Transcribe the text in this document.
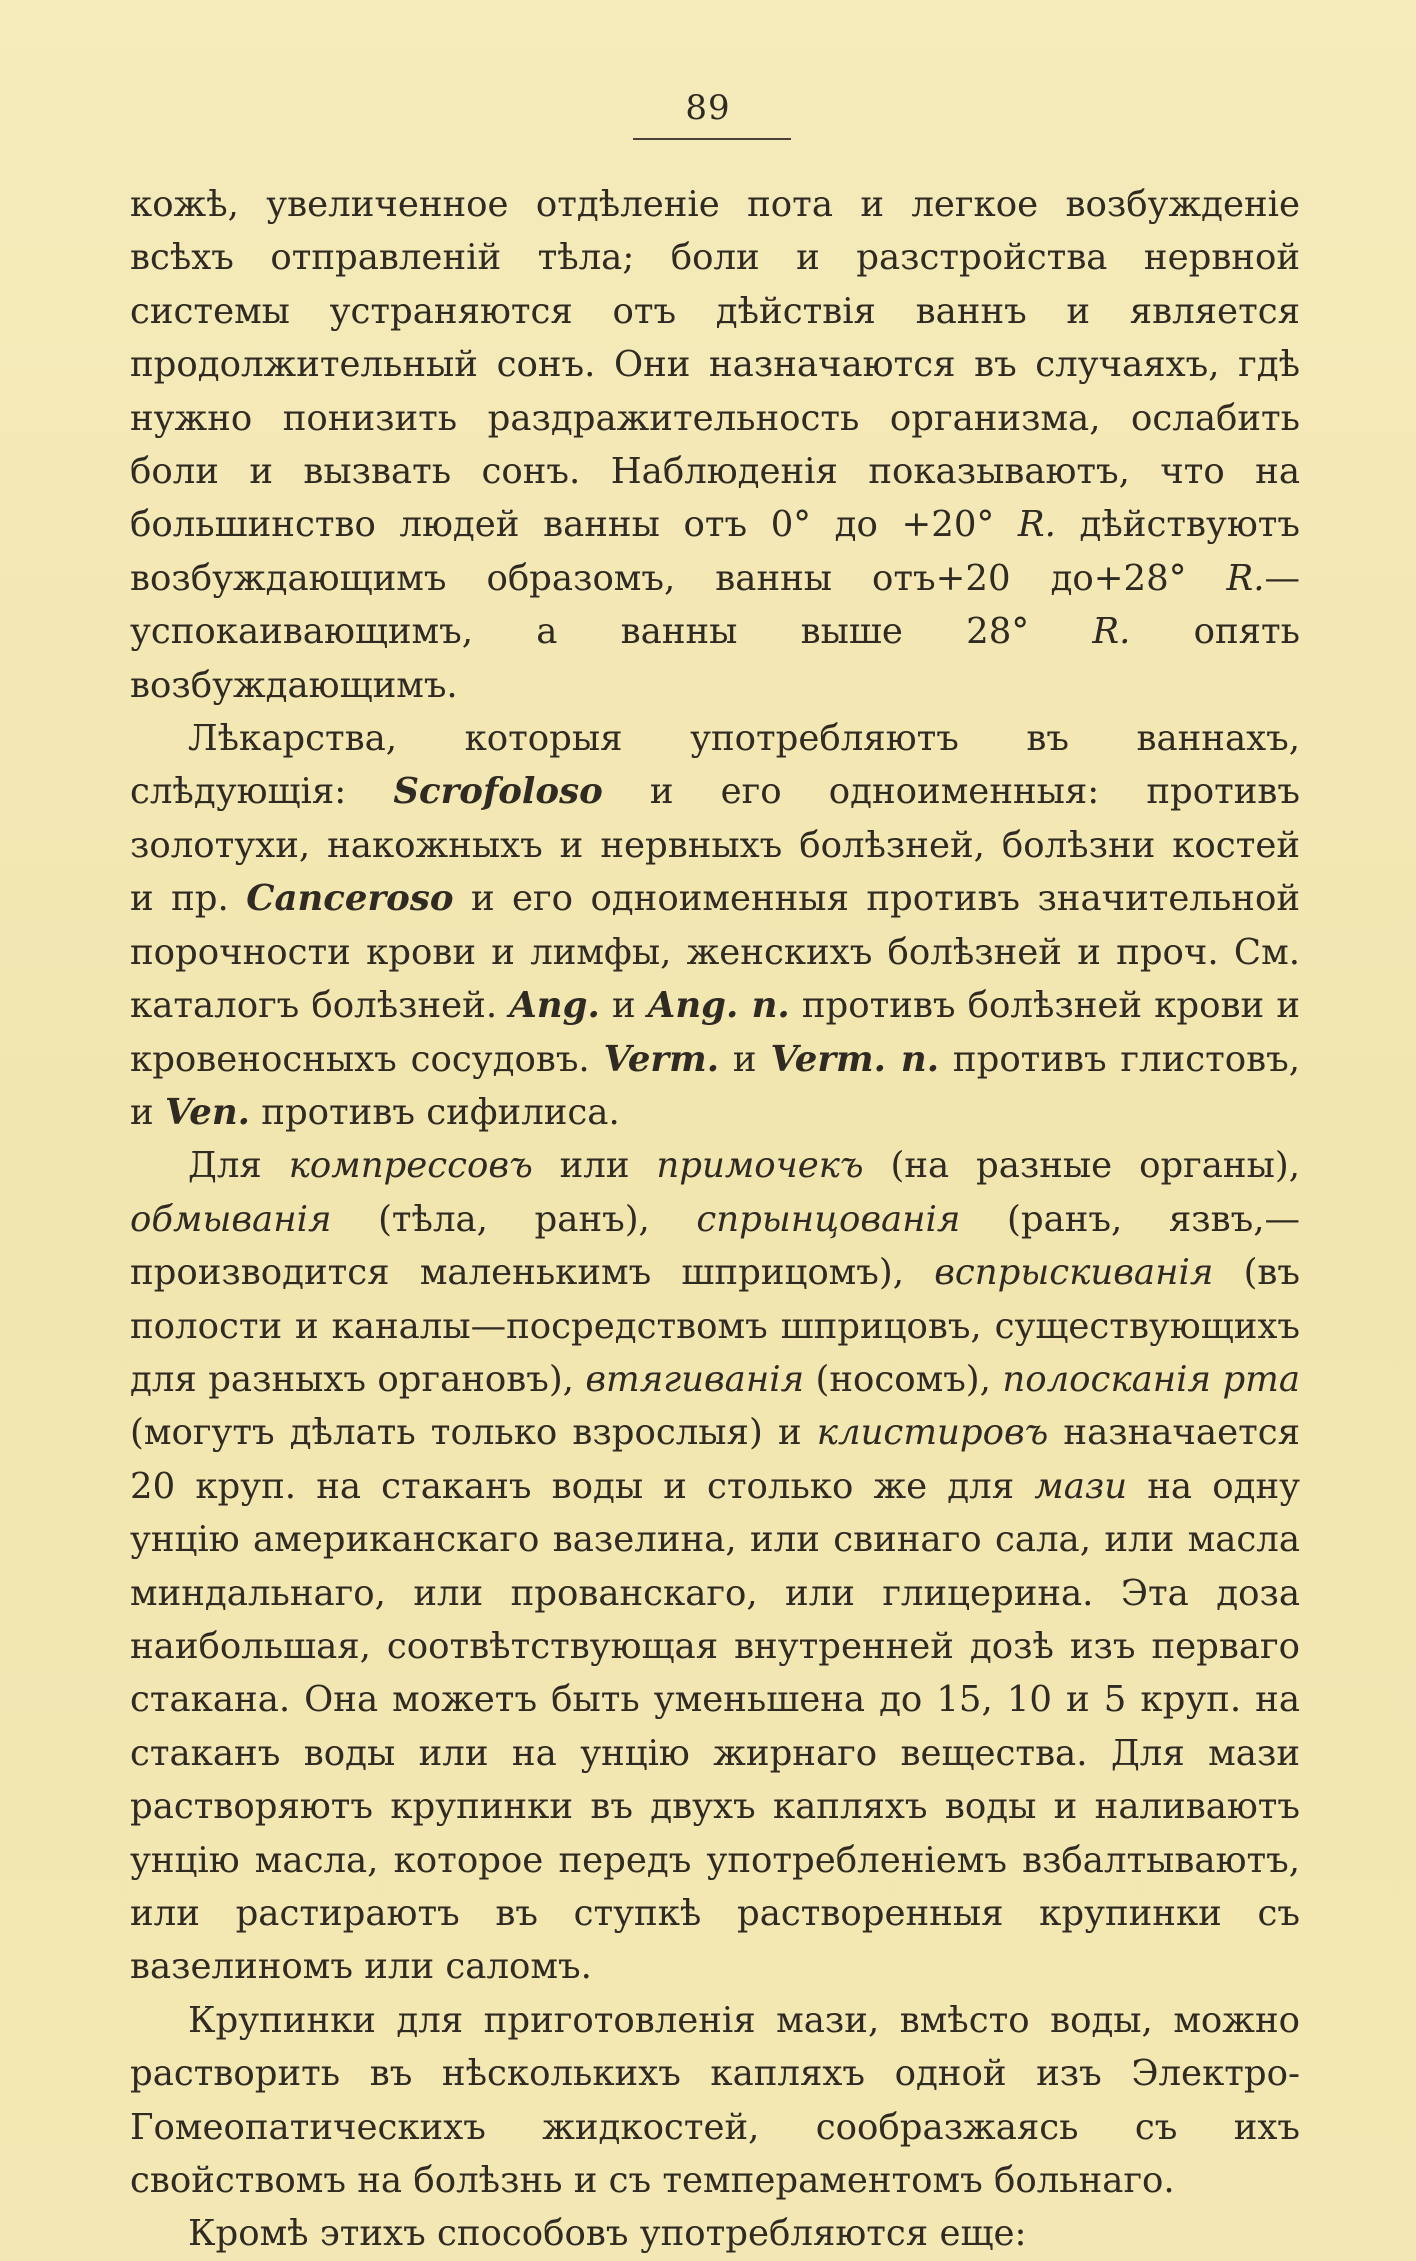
89

кожѣ, увеличенное отдѣленіе пота и легкое возбужденіе всѣхъ отправленій тѣла; боли и разстройства нервной системы устраняются отъ дѣйствія ваннъ и является продолжительный сонъ. Они назначаются въ случаяхъ, гдѣ нужно понизить раздражительность организма, ослабить боли и вызвать сонъ. Наблюденія показываютъ, что на большинство людей ванны отъ 0° до +20° R. дѣйствуютъ возбуждающимъ образомъ, ванны отъ+20 до+28° R.—успокаивающимъ, а ванны выше 28° R. опять возбуждающимъ.

Лѣкарства, которыя употребляютъ въ ваннахъ, слѣдующія: Scrofoloso и его одноименныя: противъ золотухи, накожныхъ и нервныхъ болѣзней, болѣзни костей и пр. Canceroso и его одноименныя противъ значительной порочности крови и лимфы, женскихъ болѣзней и проч. См. каталогъ болѣзней. Ang. и Ang. n. противъ болѣзней крови и кровеносныхъ сосудовъ. Verm. и Verm. n. противъ глистовъ, и Ven. противъ сифилиса.

Для компрессовъ или примочекъ (на разные органы), обмыванія (тѣла, ранъ), спрынцованія (ранъ, язвъ,—производится маленькимъ шприцомъ), вспрыскиванія (въ полости и каналы—посредствомъ шприцовъ, существующихъ для разныхъ органовъ), втягиванія (носомъ), полосканія рта (могутъ дѣлать только взрослыя) и клистировъ назначается 20 круп. на стаканъ воды и столько же для мази на одну унцію американскаго вазелина, или свинаго сала, или масла миндальнаго, или прованскаго, или глицерина. Эта доза наибольшая, соотвѣтствующая внутренней дозѣ изъ перваго стакана. Она можетъ быть уменьшена до 15, 10 и 5 круп. на стаканъ воды или на унцію жирнаго вещества. Для мази растворяютъ крупинки въ двухъ капляхъ воды и наливаютъ унцію масла, которое передъ употребленіемъ взбалтываютъ, или растираютъ въ ступкѣ растворенныя крупинки съ вазелиномъ или саломъ.

Крупинки для приготовленія мази, вмѣсто воды, можно растворить въ нѣсколькихъ капляхъ одной изъ Электро-Гомеопатическихъ жидкостей, сообразжаясь съ ихъ свойствомъ на болѣзнь и съ темпераментомъ больнаго.

Кромѣ этихъ способовъ употребляются еще:
